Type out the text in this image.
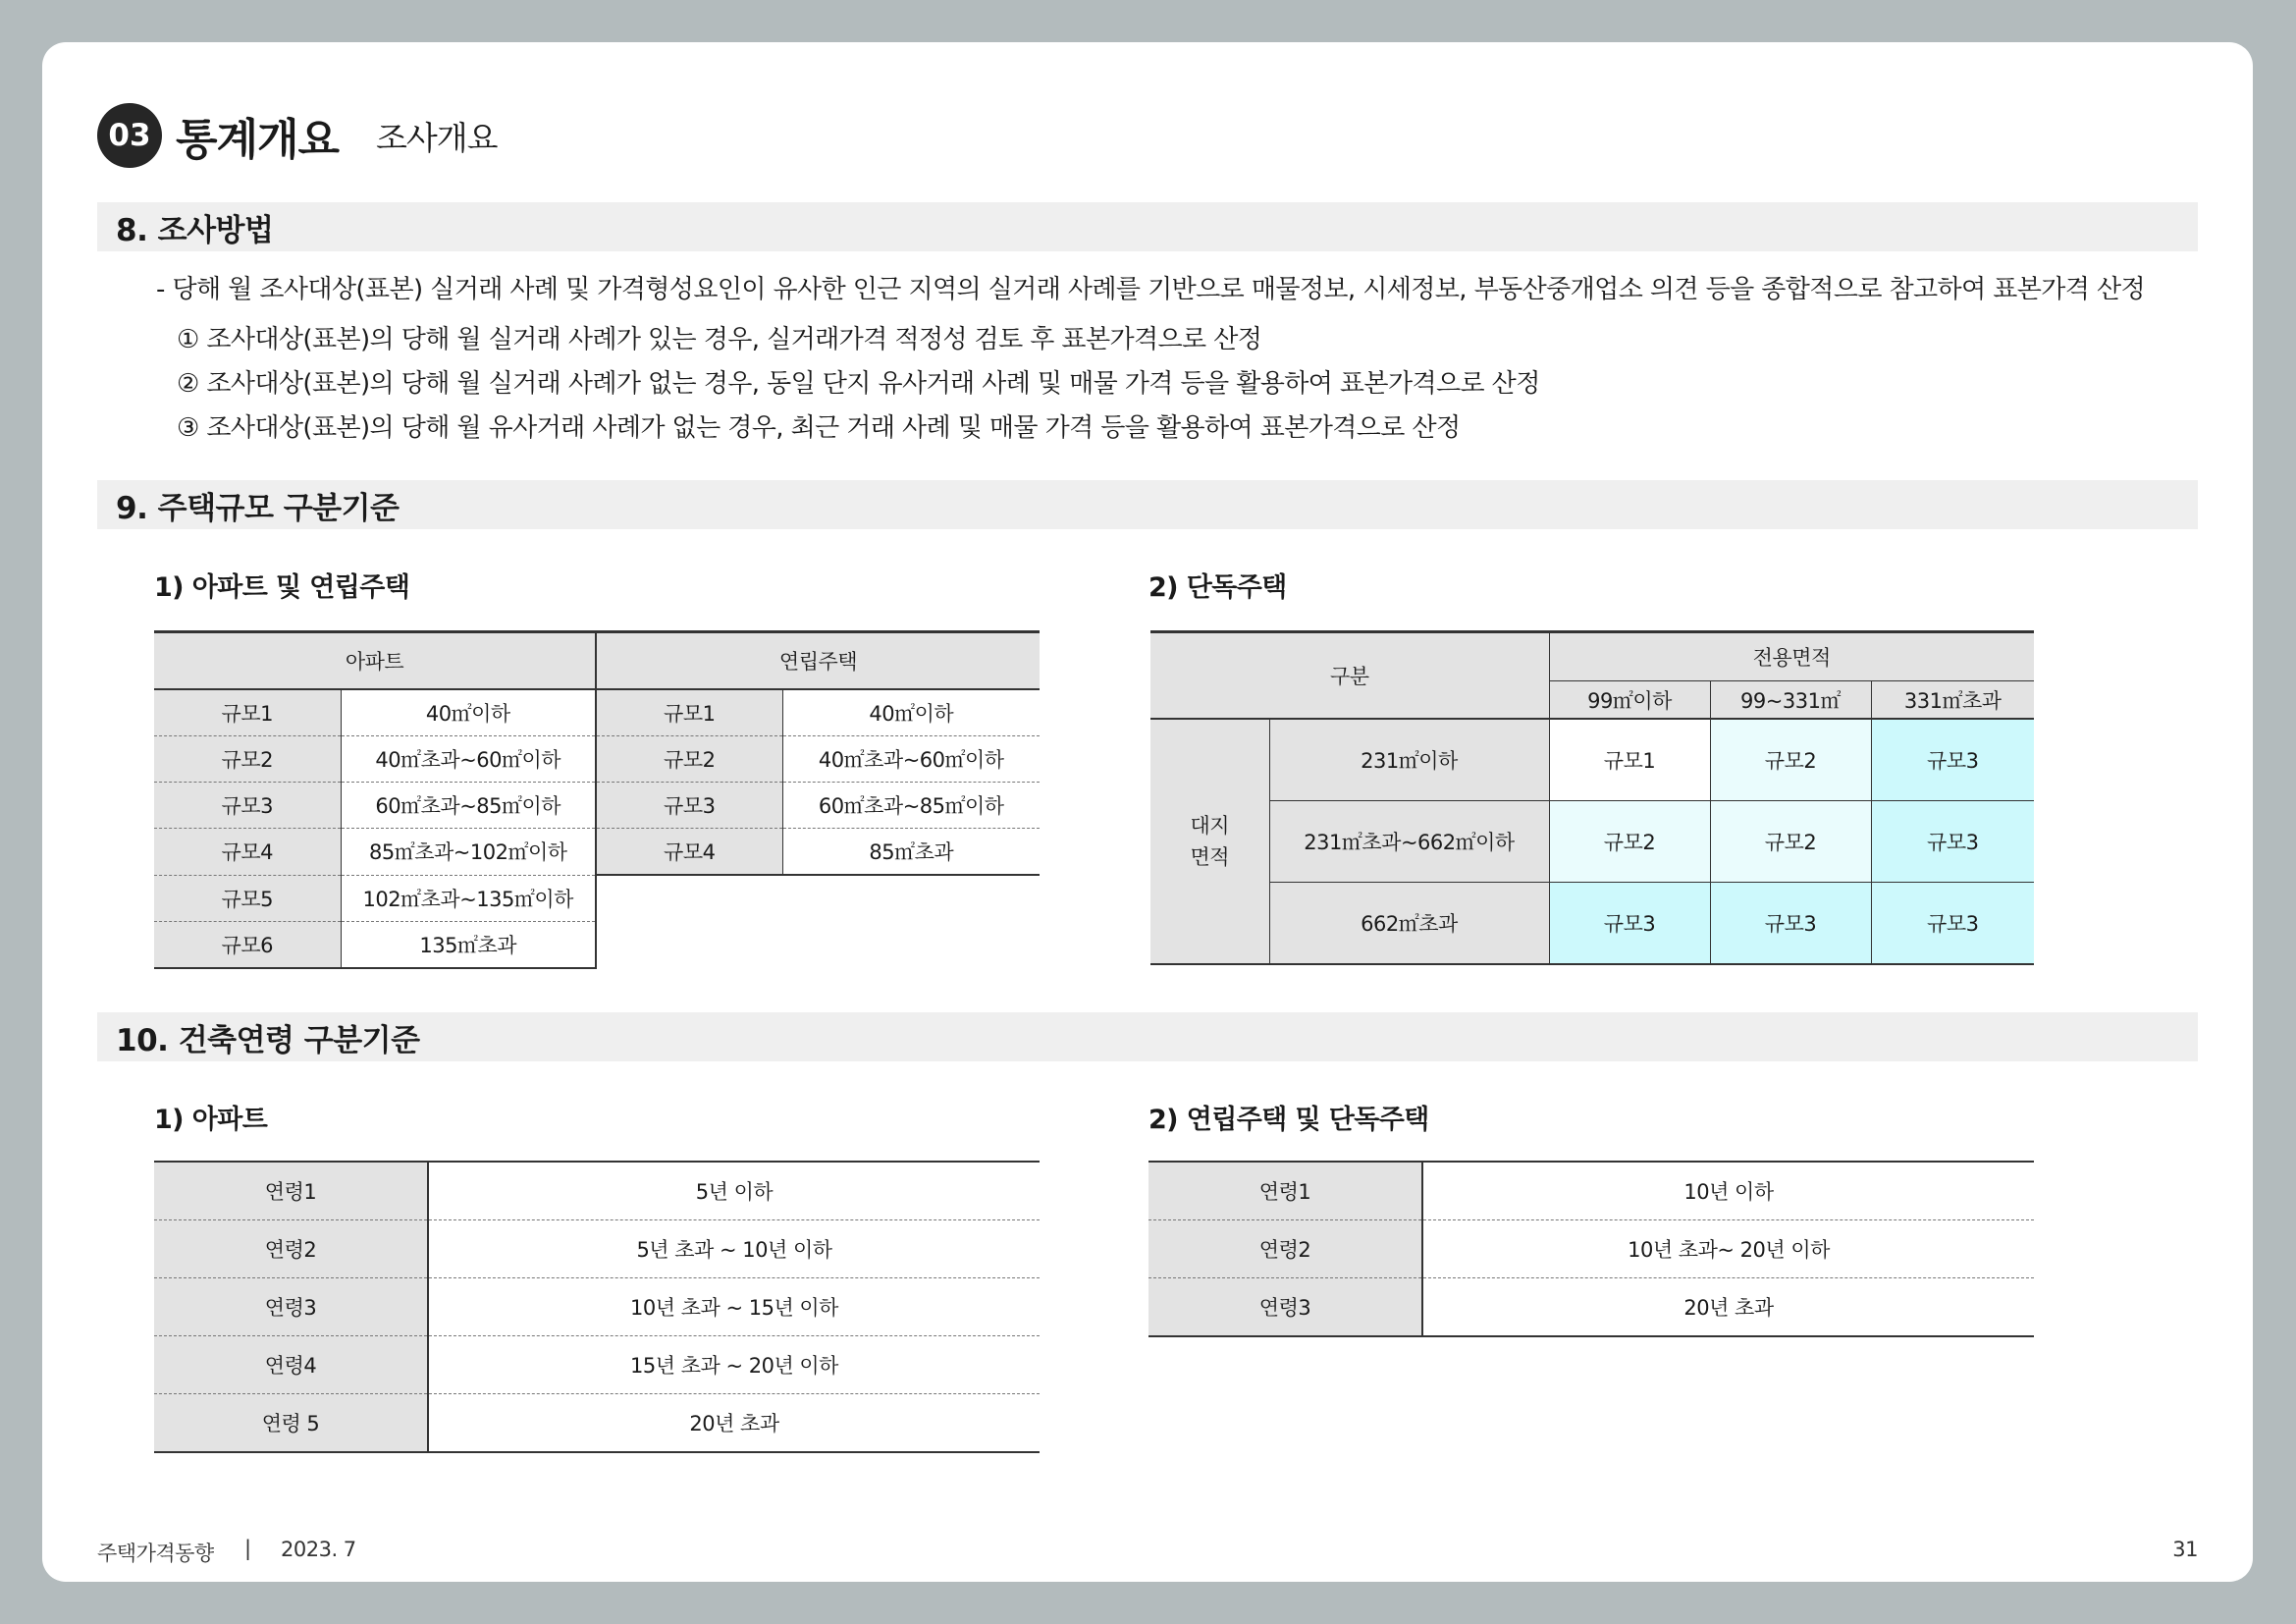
03 통계개요 조사개요
8. 조사방법
- 당해 월 조사대상(표본) 실거래 사례 및 가격형성요인이 유사한 인근 지역의 실거래 사례를 기반으로 매물정보, 시세정보, 부동산중개업소 의견 등을 종합적으로 참고하여 표본가격 산정
① 조사대상(표본)의 당해 월 실거래 사례가 있는 경우, 실거래가격 적정성 검토 후 표본가격으로 산정
② 조사대상(표본)의 당해 월 실거래 사례가 없는 경우, 동일 단지 유사거래 사례 및 매물 가격 등을 활용하여 표본가격으로 산정
③ 조사대상(표본)의 당해 월 유사거래 사례가 없는 경우, 최근 거래 사례 및 매물 가격 등을 활용하여 표본가격으로 산정
9. 주택규모 구분기준
1) 아파트 및 연립주택	2) 단독주택
아파트		연립주택	
규모1	40㎡이하	규모1	40㎡이하
규모2	40㎡초과~60㎡이하	규모2	40㎡초과~60㎡이하
규모3	60㎡초과~85㎡이하	규모3	60㎡초과~85㎡이하
규모4	85㎡초과~102㎡이하	규모4	85㎡초과
규모5	102㎡초과~135㎡이하		
규모6	135㎡초과		
구분		전용면적		
		99㎡이하	99~331㎡	331㎡초과
대지
면적	231㎡이하	규모1	규모2	규모3
	231㎡초과~662㎡이하	규모2	규모2	규모3
	662㎡초과	규모3	규모3	규모3
10. 건축연령 구분기준
1) 아파트	2) 연립주택 및 단독주택
연령1	5년 이하
연령2	5년 초과 ~ 10년 이하
연령3	10년 초과 ~ 15년 이하
연령4	15년 초과 ~ 20년 이하
연령 5	20년 초과
연령1	10년 이하
연령2	10년 초과~ 20년 이하
연령3	20년 초과
주택가격동향 | 2023. 7	31
